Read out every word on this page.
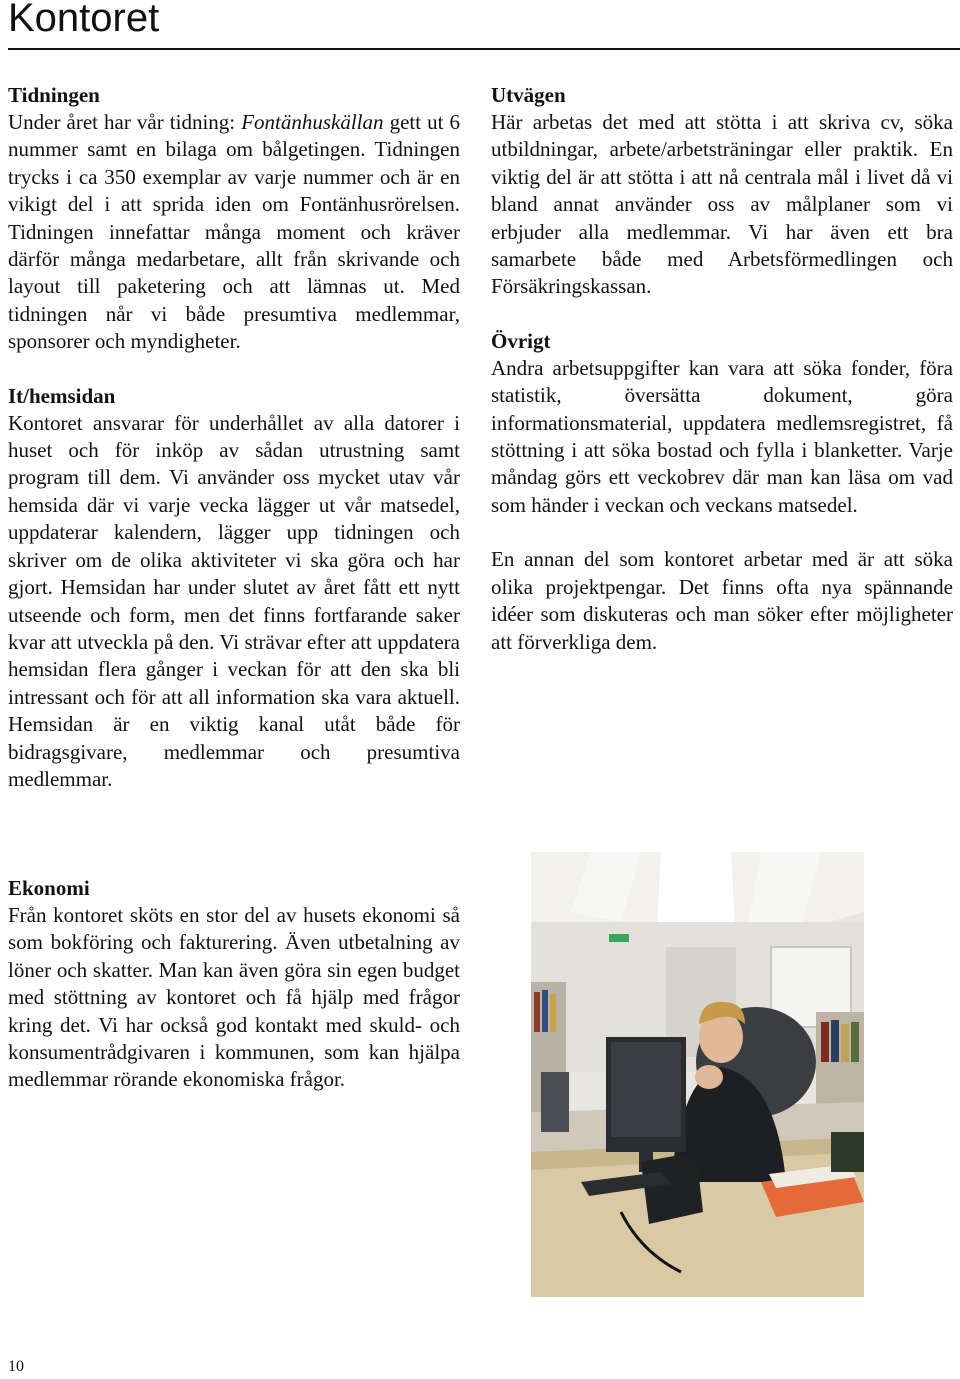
Kontoret
Tidningen

Under året har vår tidning: Fontänhuskällan gett ut 6 nummer samt en bilaga om bålgetingen. Tidningen trycks i ca 350 exemplar av varje nummer och är en vikigt del i att sprida iden om Fontänhusrörelsen. Tidningen innefattar många moment och kräver därför många medarbetare, allt från skrivande och layout till paketering och att lämnas ut. Med tidningen når vi både presumtiva medlemmar, sponsorer och myndigheter.

It/hemsidan

Kontoret ansvarar för underhållet av alla datorer i huset och för inköp av sådan utrustning samt program till dem. Vi använder oss mycket utav vår hemsida där vi varje vecka lägger ut vår matsedel, uppdaterar kalendern, lägger upp tidningen och skriver om de olika aktiviteter vi ska göra och har gjort. Hemsidan har under slutet av året fått ett nytt utseende och form, men det finns fortfarande saker kvar att utveckla på den. Vi strävar efter att uppdatera hemsidan flera gånger i veckan för att den ska bli intressant och för att all information ska vara aktuell. Hemsidan är en viktig kanal utåt både för bidragsgivare, medlemmar och presumtiva medlemmar.

Ekonomi

Från kontoret sköts en stor del av husets ekonomi så som bokföring och fakturering. Även utbetalning av löner och skatter. Man kan även göra sin egen budget med stöttning av kontoret och få hjälp med frågor kring det. Vi har också god kontakt med skuld- och konsumentrådgivaren i kommunen, som kan hjälpa medlemmar rörande ekonomiska frågor.

Utvägen

Här arbetas det med att stötta i att skriva cv, söka utbildningar, arbete/arbetsträningar eller praktik. En viktig del är att stötta i att nå centrala mål i livet då vi bland annat använder oss av målplaner som vi erbjuder alla medlemmar. Vi har även ett bra samarbete både med Arbetsförmedlingen och Försäkringskassan.

Övrigt

Andra arbetsuppgifter kan vara att söka fonder, föra statistik, översätta dokument, göra informationsmaterial, uppdatera medlemsregistret, få stöttning i att söka bostad och fylla i blanketter. Varje måndag görs ett veckobrev där man kan läsa om vad som händer i veckan och veckans matsedel.

En annan del som kontoret arbetar med är att söka olika projektpengar. Det finns ofta nya spännande idéer som diskuteras och man söker efter möjligheter att förverkliga dem.

10
